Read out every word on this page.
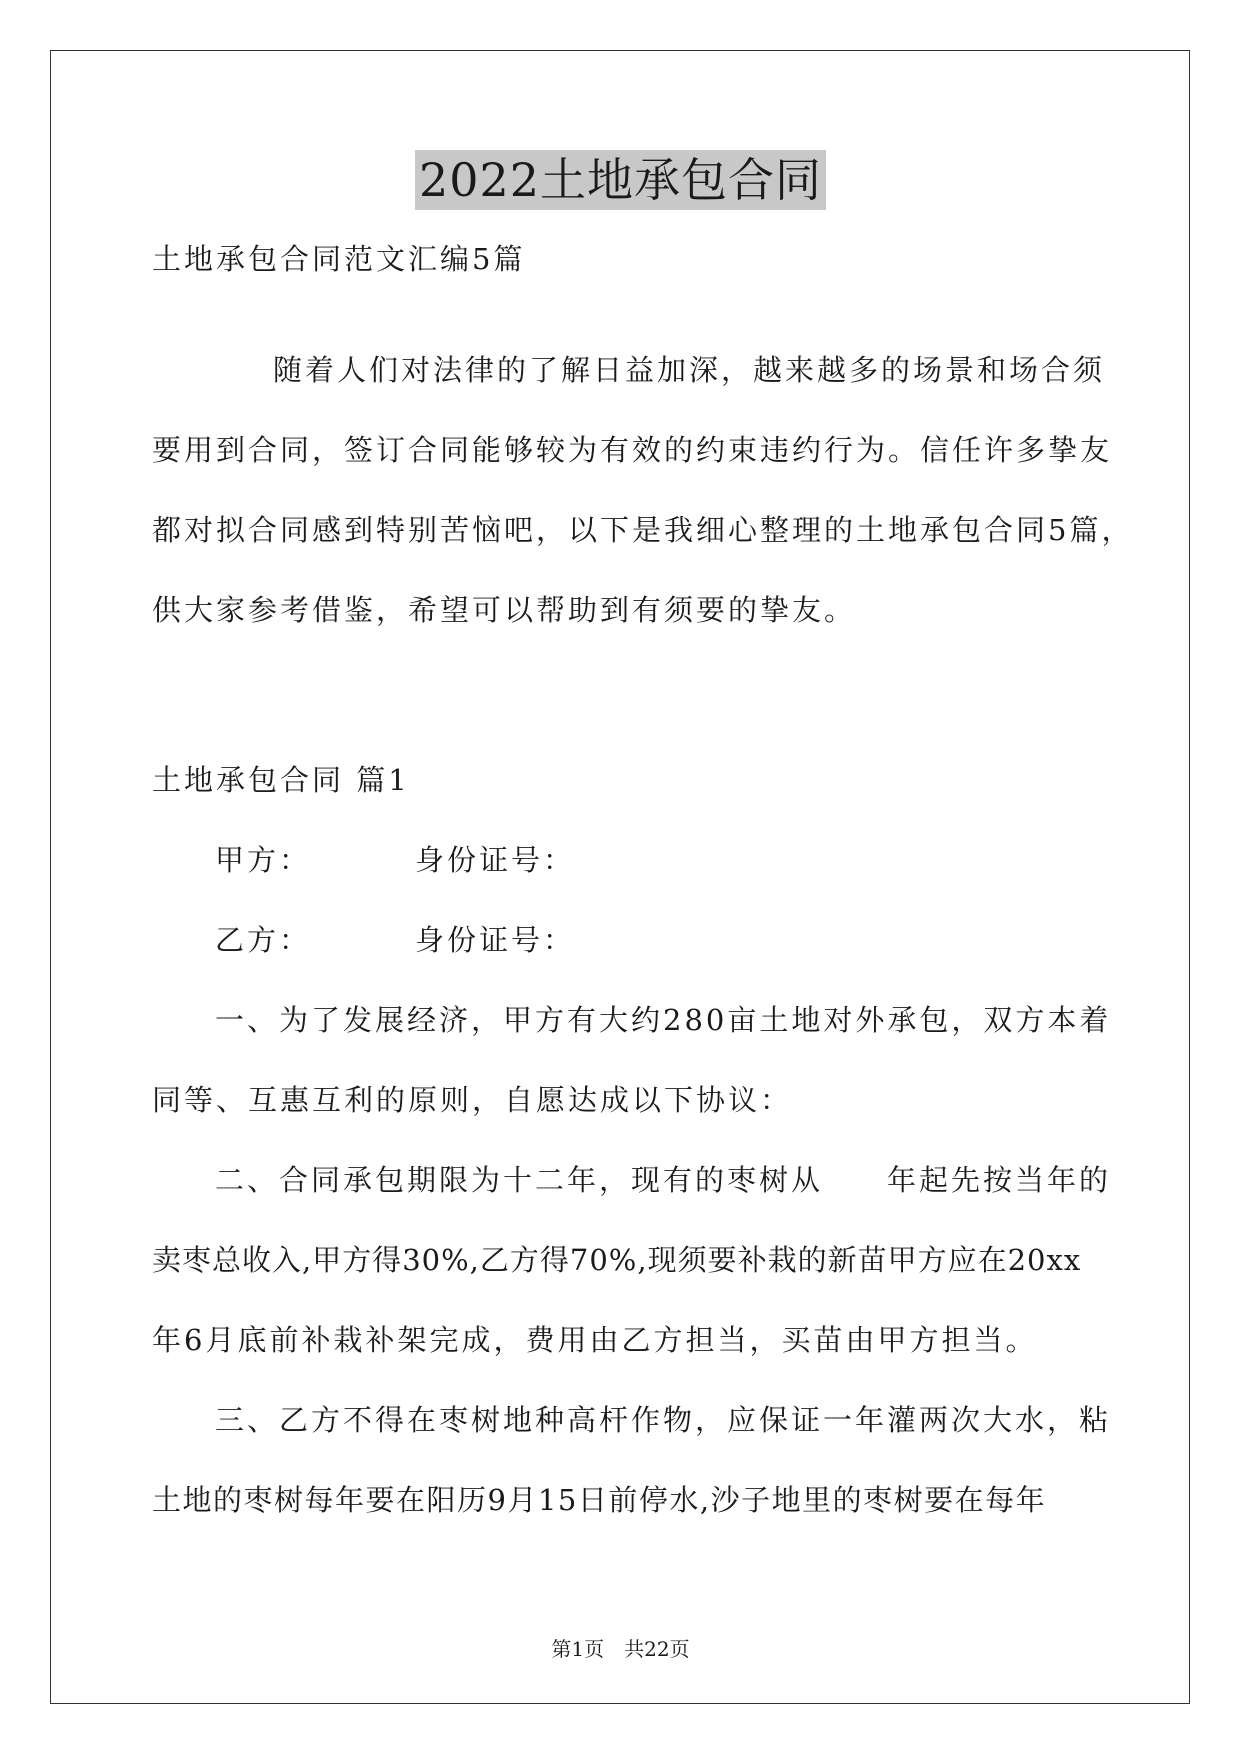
2022土地承包合同
土地承包合同范文汇编5篇
随着人们对法律的了解日益加深，越来越多的场景和场合须
要用到合同，签订合同能够较为有效的约束违约行为。信任许多挚友
都对拟合同感到特别苦恼吧，以下是我细心整理的土地承包合同5篇，
供大家参考借鉴，希望可以帮助到有须要的挚友。
土地承包合同 篇1
甲方：	身份证号：
乙方：	身份证号：
一、为了发展经济，甲方有大约280亩土地对外承包，双方本着
同等、互惠互利的原则，自愿达成以下协议：
二、合同承包期限为十二年，现有的枣树从　　年起先按当年的
卖枣总收入,甲方得30%,乙方得70%,现须要补栽的新苗甲方应在20xx
年6月底前补栽补架完成，费用由乙方担当，买苗由甲方担当。
三、乙方不得在枣树地种高杆作物，应保证一年灌两次大水，粘
土地的枣树每年要在阳历9月15日前停水,沙子地里的枣树要在每年
第1页　共22页
